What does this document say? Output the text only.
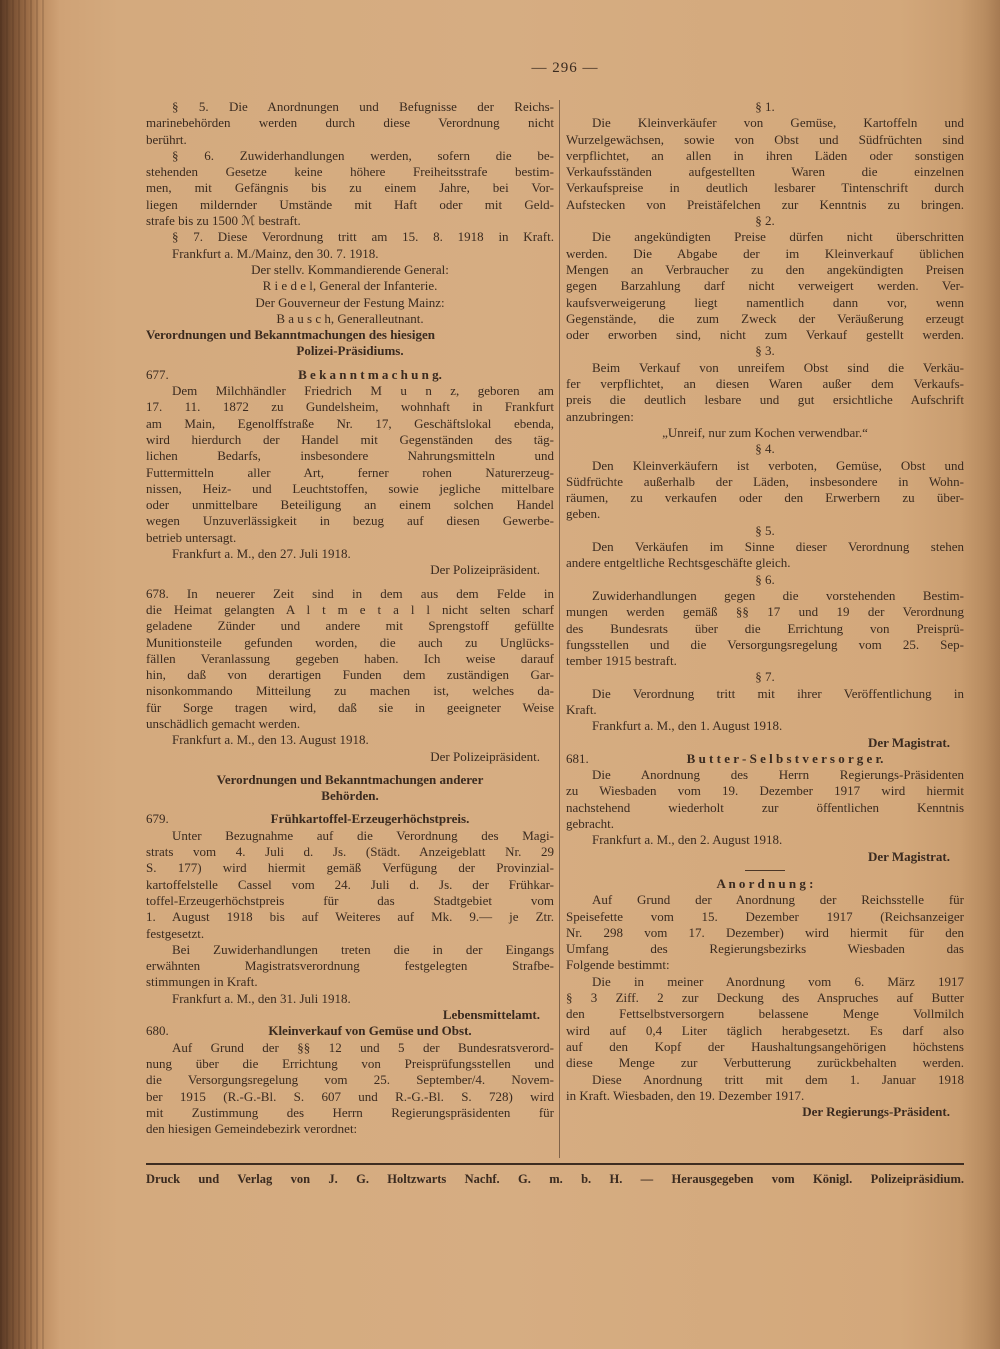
— 296 —
§ 5. Die Anordnungen und Befugnisse der Reichs-
marinebehörden werden durch diese Verordnung nicht
berührt.
§ 6. Zuwiderhandlungen werden, sofern die be-
stehenden Gesetze keine höhere Freiheitsstrafe bestim-
men, mit Gefängnis bis zu einem Jahre, bei Vor-
liegen mildernder Umstände mit Haft oder mit Geld-
strafe bis zu 1500 ℳ bestraft.
§ 7. Diese Verordnung tritt am 15. 8. 1918 in Kraft.
Frankfurt a. M./Mainz, den 30. 7. 1918.
Der stellv. Kommandierende General:
R i e d e l, General der Infanterie.
Der Gouverneur der Festung Mainz:
B a u s c h, Generalleutnant.
Verordnungen und Bekanntmachungen des hiesigen
Polizei-Präsidiums.
677.	B e k a n n t m a c h u n g.
Dem Milchhändler Friedrich M u n z, geboren am
17. 11. 1872 zu Gundelsheim, wohnhaft in Frankfurt
am Main, Egenolffstraße Nr. 17, Geschäftslokal ebenda,
wird hierdurch der Handel mit Gegenständen des täg-
lichen Bedarfs, insbesondere Nahrungsmitteln und
Futtermitteln aller Art, ferner rohen Naturerzeug-
nissen, Heiz- und Leuchtstoffen, sowie jegliche mittelbare
oder unmittelbare Beteiligung an einem solchen Handel
wegen Unzuverlässigkeit in bezug auf diesen Gewerbe-
betrieb untersagt.
Frankfurt a. M., den 27. Juli 1918.
Der Polizeipräsident.
678. In neuerer Zeit sind in dem aus dem Felde in
die Heimat gelangten A l t m e t a l l nicht selten scharf
geladene Zünder und andere mit Sprengstoff gefüllte
Munitionsteile gefunden worden, die auch zu Unglücks-
fällen Veranlassung gegeben haben. Ich weise darauf
hin, daß von derartigen Funden dem zuständigen Gar-
nisonkommando Mitteilung zu machen ist, welches da-
für Sorge tragen wird, daß sie in geeigneter Weise
unschädlich gemacht werden.
Frankfurt a. M., den 13. August 1918.
Der Polizeipräsident.
Verordnungen und Bekanntmachungen anderer
Behörden.
679.	Frühkartoffel-Erzeugerhöchstpreis.
Unter Bezugnahme auf die Verordnung des Magi-
strats vom 4. Juli d. Js. (Städt. Anzeigeblatt Nr. 29
S. 177) wird hiermit gemäß Verfügung der Provinzial-
kartoffelstelle Cassel vom 24. Juli d. Js. der Frühkar-
toffel-Erzeugerhöchstpreis für das Stadtgebiet vom
1. August 1918 bis auf Weiteres auf Mk. 9.— je Ztr.
festgesetzt.
Bei Zuwiderhandlungen treten die in der Eingangs
erwähnten Magistratsverordnung festgelegten Strafbe-
stimmungen in Kraft.
Frankfurt a. M., den 31. Juli 1918.
Lebensmittelamt.
680.	Kleinverkauf von Gemüse und Obst.
Auf Grund der §§ 12 und 5 der Bundesratsverord-
nung über die Errichtung von Preisprüfungsstellen und
die Versorgungsregelung vom 25. September/4. Novem-
ber 1915 (R.-G.-Bl. S. 607 und R.-G.-Bl. S. 728) wird
mit Zustimmung des Herrn Regierungspräsidenten für
den hiesigen Gemeindebezirk verordnet:
§ 1.
Die Kleinverkäufer von Gemüse, Kartoffeln und
Wurzelgewächsen, sowie von Obst und Südfrüchten sind
verpflichtet, an allen in ihren Läden oder sonstigen
Verkaufsständen aufgestellten Waren die einzelnen
Verkaufspreise in deutlich lesbarer Tintenschrift durch
Aufstecken von Preistäfelchen zur Kenntnis zu bringen.
§ 2.
Die angekündigten Preise dürfen nicht überschritten
werden. Die Abgabe der im Kleinverkauf üblichen
Mengen an Verbraucher zu den angekündigten Preisen
gegen Barzahlung darf nicht verweigert werden. Ver-
kaufsverweigerung liegt namentlich dann vor, wenn
Gegenstände, die zum Zweck der Veräußerung erzeugt
oder erworben sind, nicht zum Verkauf gestellt werden.
§ 3.
Beim Verkauf von unreifem Obst sind die Verkäu-
fer verpflichtet, an diesen Waren außer dem Verkaufs-
preis die deutlich lesbare und gut ersichtliche Aufschrift
anzubringen:
„Unreif, nur zum Kochen verwendbar.“
§ 4.
Den Kleinverkäufern ist verboten, Gemüse, Obst und
Südfrüchte außerhalb der Läden, insbesondere in Wohn-
räumen, zu verkaufen oder den Erwerbern zu über-
geben.
§ 5.
Den Verkäufen im Sinne dieser Verordnung stehen
andere entgeltliche Rechtsgeschäfte gleich.
§ 6.
Zuwiderhandlungen gegen die vorstehenden Bestim-
mungen werden gemäß §§ 17 und 19 der Verordnung
des Bundesrats über die Errichtung von Preisprü-
fungsstellen und die Versorgungsregelung vom 25. Sep-
tember 1915 bestraft.
§ 7.
Die Verordnung tritt mit ihrer Veröffentlichung in
Kraft.
Frankfurt a. M., den 1. August 1918.
Der Magistrat.
681.	B u t t e r - S e l b s t v e r s o r g e r.
Die Anordnung des Herrn Regierungs-Präsidenten
zu Wiesbaden vom 19. Dezember 1917 wird hiermit
nachstehend wiederholt zur öffentlichen Kenntnis
gebracht.
Frankfurt a. M., den 2. August 1918.
Der Magistrat.
A n o r d n u n g :
Auf Grund der Anordnung der Reichsstelle für
Speisefette vom 15. Dezember 1917 (Reichsanzeiger
Nr. 298 vom 17. Dezember) wird hiermit für den
Umfang des Regierungsbezirks Wiesbaden das
Folgende bestimmt:
Die in meiner Anordnung vom 6. März 1917
§ 3 Ziff. 2 zur Deckung des Anspruches auf Butter
den Fettselbstversorgern belassene Menge Vollmilch
wird auf 0,4 Liter täglich herabgesetzt. Es darf also
auf den Kopf der Haushaltungsangehörigen höchstens
diese Menge zur Verbutterung zurückbehalten werden.
Diese Anordnung tritt mit dem 1. Januar 1918
in Kraft. Wiesbaden, den 19. Dezember 1917.
Der Regierungs-Präsident.
Druck und Verlag von J. G. Holtzwarts Nachf. G. m. b. H. — Herausgegeben vom Königl. Polizeipräsidium.
